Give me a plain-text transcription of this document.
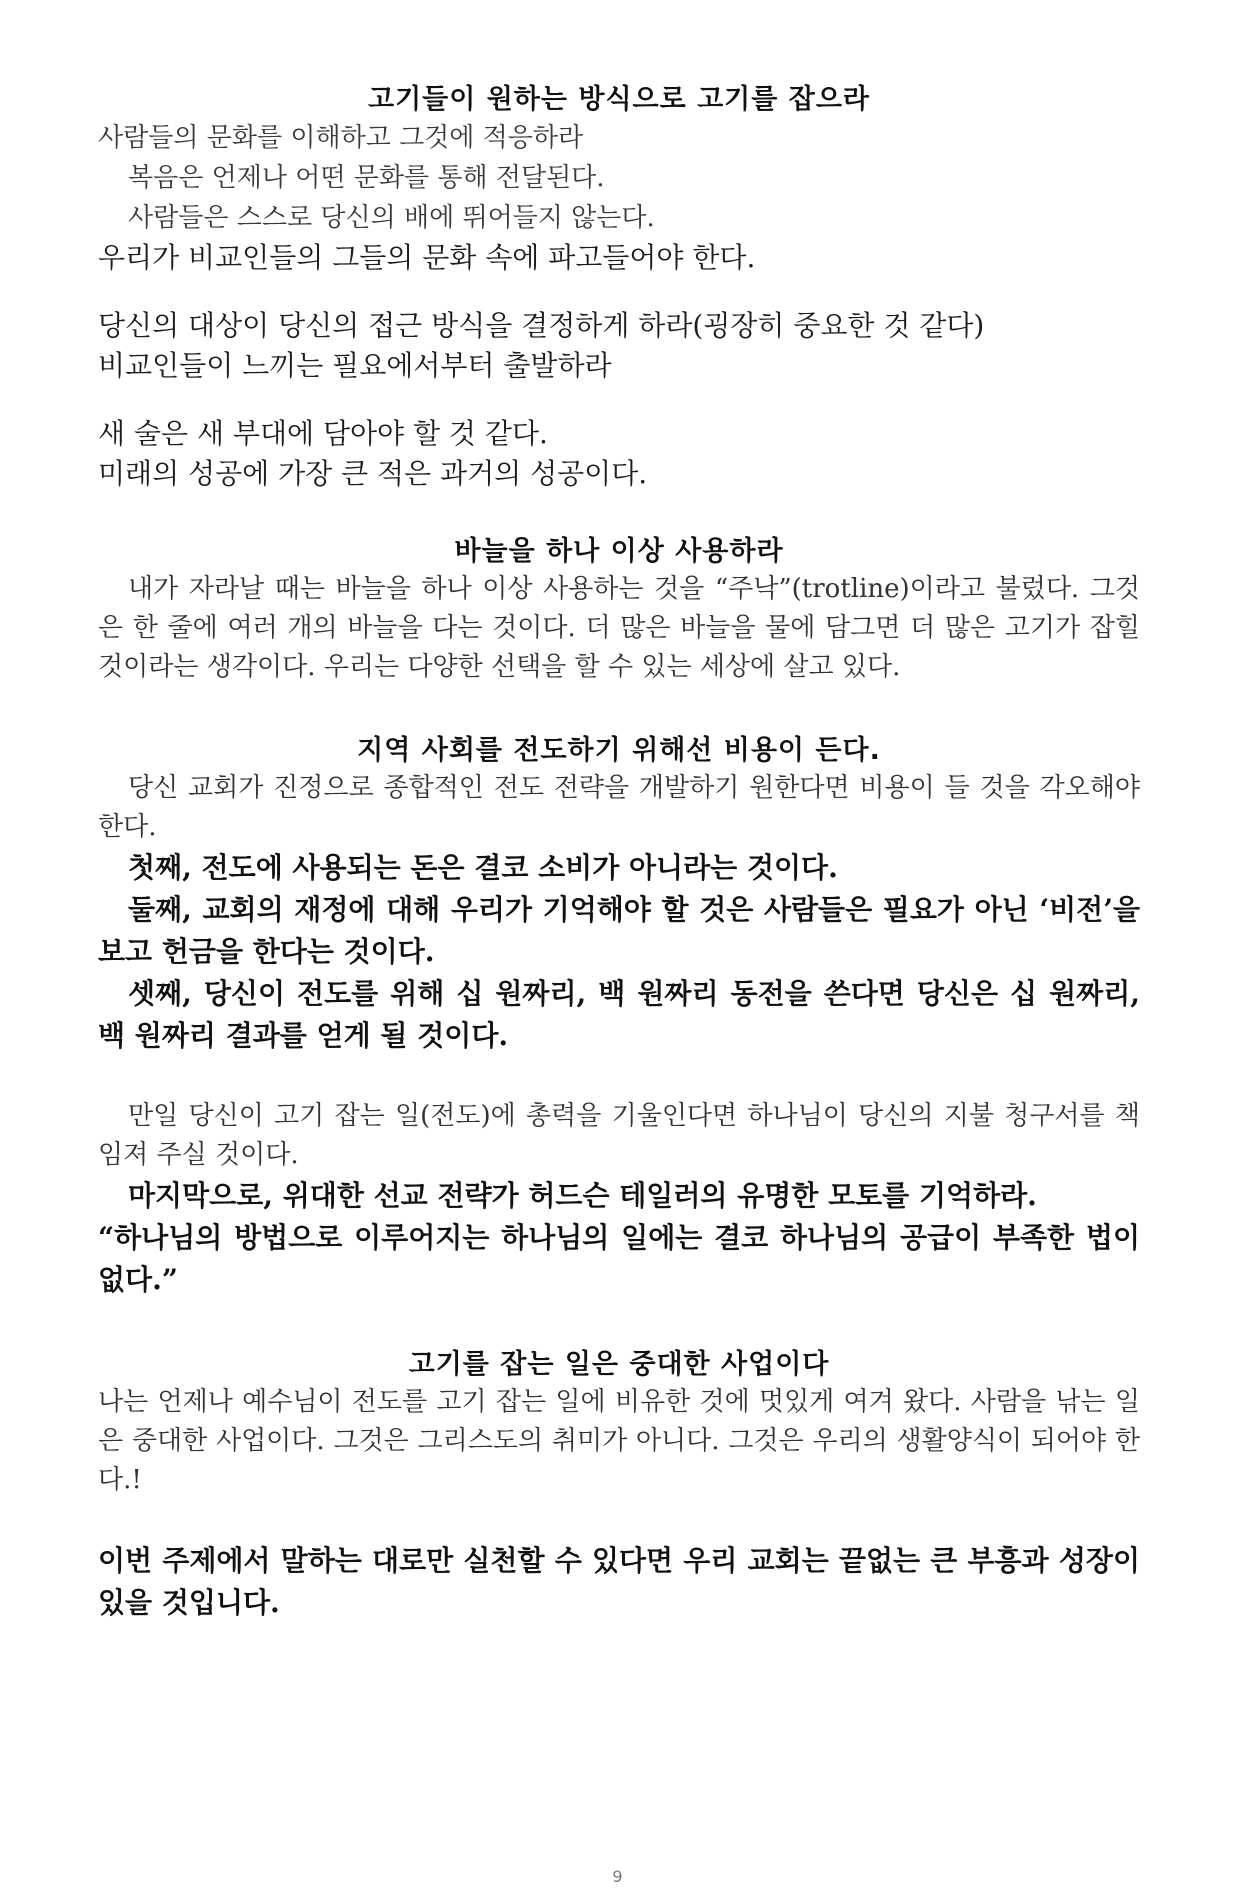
고기들이 원하는 방식으로 고기를 잡으라

사람들의 문화를 이해하고 그것에 적응하라

복음은 언제나 어떤 문화를 통해 전달된다.

사람들은 스스로 당신의 배에 뛰어들지 않는다.

우리가 비교인들의 그들의 문화 속에 파고들어야 한다.

당신의 대상이 당신의 접근 방식을 결정하게 하라(굉장히 중요한 것 같다)

비교인들이 느끼는 필요에서부터 출발하라

새 술은 새 부대에 담아야 할 것 같다.

미래의 성공에 가장 큰 적은 과거의 성공이다.

바늘을 하나 이상 사용하라

내가 자라날 때는 바늘을 하나 이상 사용하는 것을 “주낙”(trotline)이라고 불렀다. 그것은 한 줄에 여러 개의 바늘을 다는 것이다. 더 많은 바늘을 물에 담그면 더 많은 고기가 잡힐 것이라는 생각이다. 우리는 다양한 선택을 할 수 있는 세상에 살고 있다.

지역 사회를 전도하기 위해선 비용이 든다.

당신 교회가 진정으로 종합적인 전도 전략을 개발하기 원한다면 비용이 들 것을 각오해야 한다.

첫째, 전도에 사용되는 돈은 결코 소비가 아니라는 것이다.

둘째, 교회의 재정에 대해 우리가 기억해야 할 것은 사람들은 필요가 아닌 ‘비전’을 보고 헌금을 한다는 것이다.

셋째, 당신이 전도를 위해 십 원짜리, 백 원짜리 동전을 쓴다면 당신은 십 원짜리, 백 원짜리 결과를 얻게 될 것이다.

만일 당신이 고기 잡는 일(전도)에 총력을 기울인다면 하나님이 당신의 지불 청구서를 책임져 주실 것이다.

마지막으로, 위대한 선교 전략가 허드슨 테일러의 유명한 모토를 기억하라.

“하나님의 방법으로 이루어지는 하나님의 일에는 결코 하나님의 공급이 부족한 법이 없다.”

고기를 잡는 일은 중대한 사업이다

나는 언제나 예수님이 전도를 고기 잡는 일에 비유한 것에 멋있게 여겨 왔다. 사람을 낚는 일은 중대한 사업이다. 그것은 그리스도의 취미가 아니다. 그것은 우리의 생활양식이 되어야 한다.!

이번 주제에서 말하는 대로만 실천할 수 있다면 우리 교회는 끝없는 큰 부흥과 성장이 있을 것입니다.

9
